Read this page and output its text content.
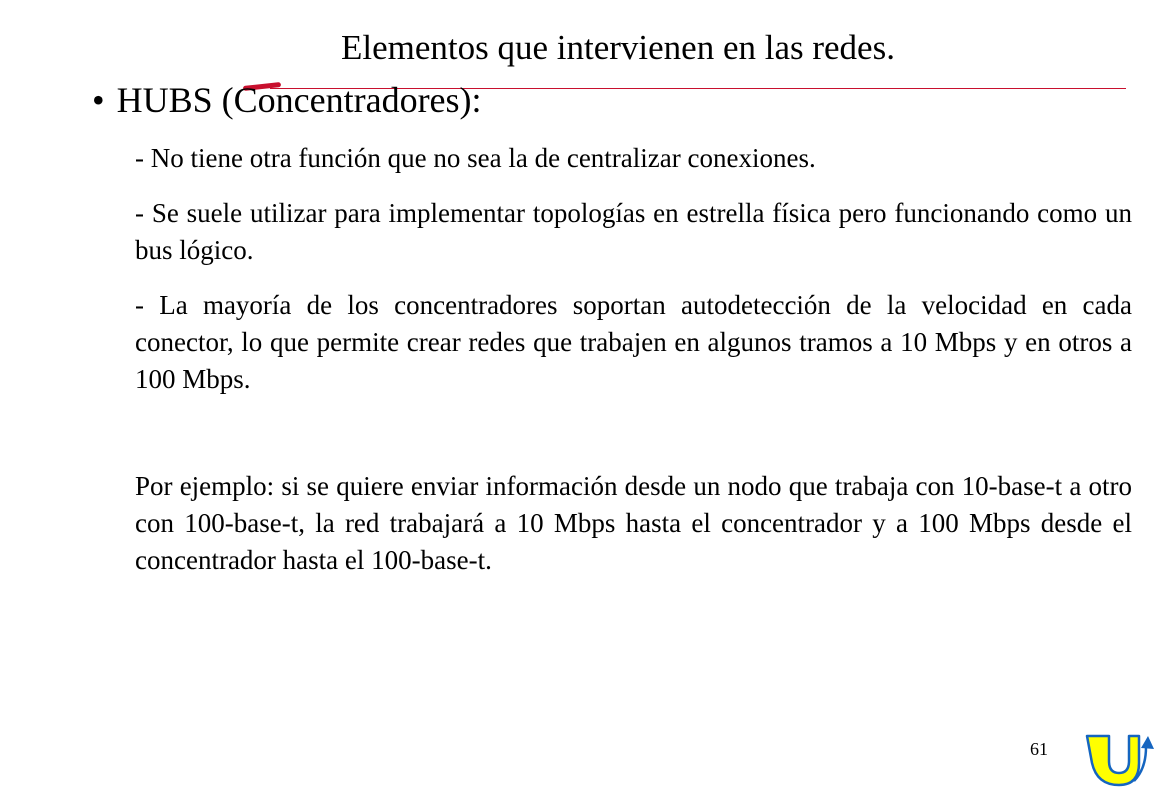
Elementos que intervienen en las redes.
• HUBS (Concentradores):

- No tiene otra función que no sea la de centralizar conexiones.

- Se suele utilizar para implementar topologías en estrella física pero funcionando como un bus lógico.

- La mayoría de los concentradores soportan autodetección de la velocidad en cada conector, lo que permite crear redes que trabajen en algunos tramos a 10 Mbps y en otros a 100 Mbps.

Por ejemplo: si se quiere enviar información desde un nodo que trabaja con 10-base-t a otro con 100-base-t, la red trabajará a 10 Mbps hasta el concentrador y a 100 Mbps desde el concentrador hasta el 100-base-t.

61
